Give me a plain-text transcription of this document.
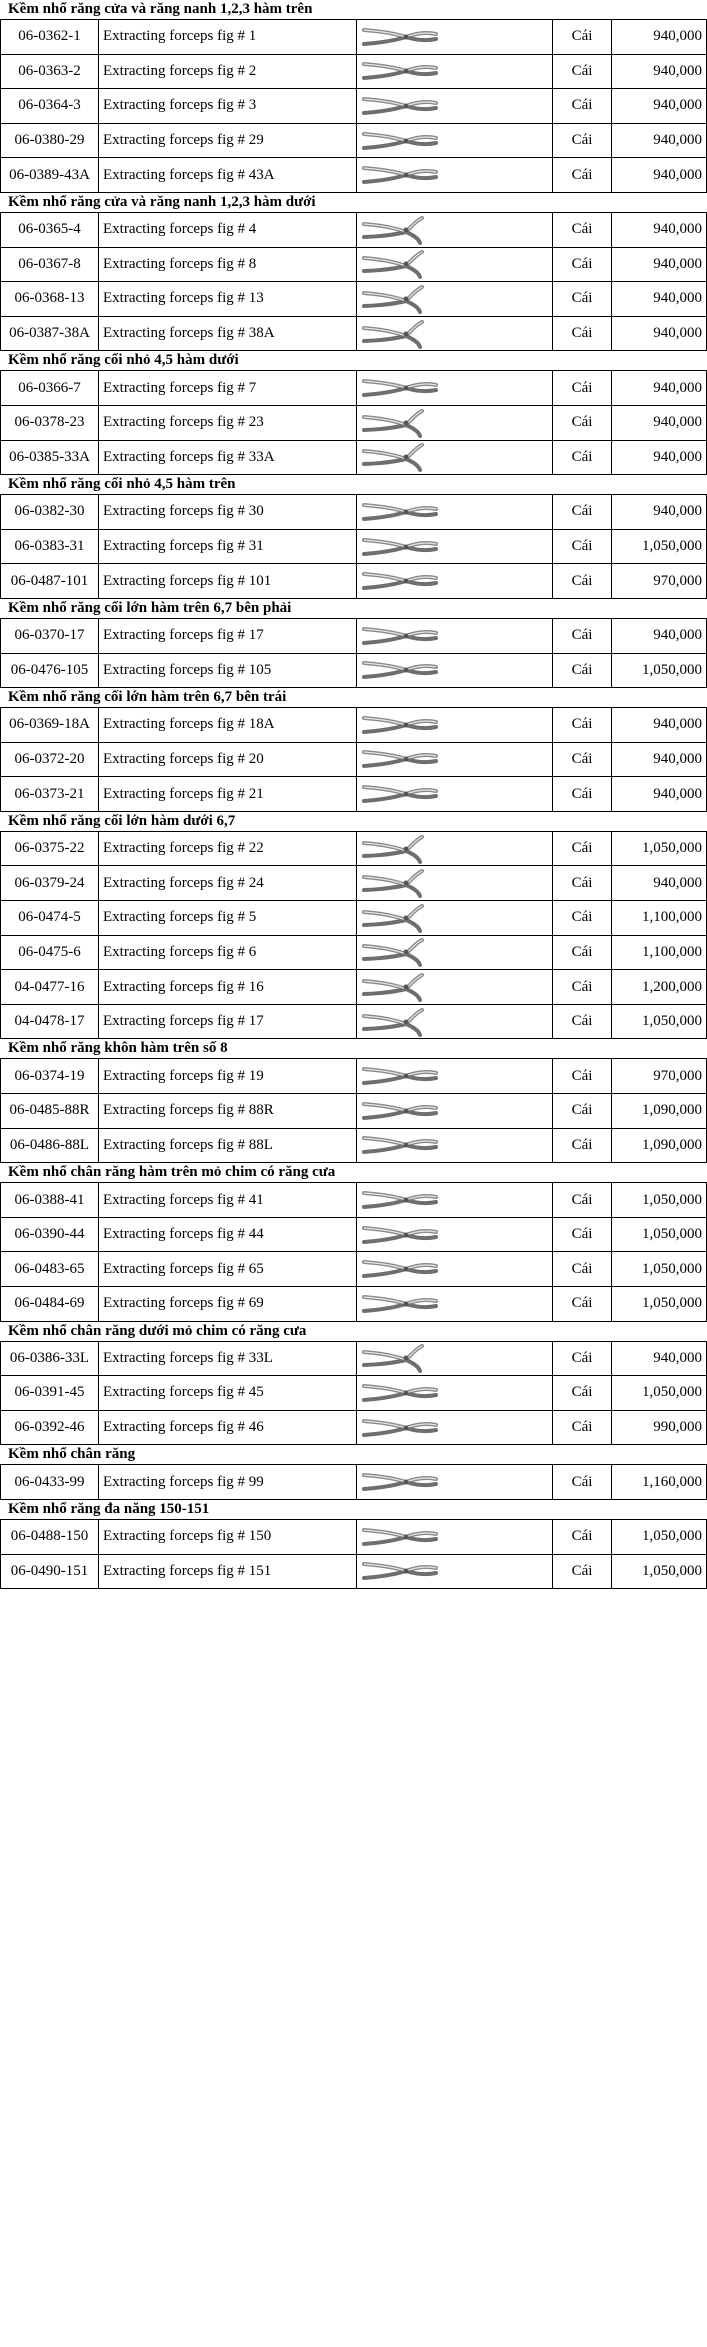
Kềm nhổ răng cửa và răng nanh 1,2,3 hàm trên
06-0362-1	Extracting forceps fig # 1		Cái	940,000
06-0363-2	Extracting forceps fig # 2		Cái	940,000
06-0364-3	Extracting forceps fig # 3		Cái	940,000
06-0380-29	Extracting forceps fig # 29		Cái	940,000
06-0389-43A	Extracting forceps fig # 43A		Cái	940,000
Kềm nhổ răng cửa và răng nanh 1,2,3 hàm dưới
06-0365-4	Extracting forceps fig # 4		Cái	940,000
06-0367-8	Extracting forceps fig # 8		Cái	940,000
06-0368-13	Extracting forceps fig # 13		Cái	940,000
06-0387-38A	Extracting forceps fig # 38A		Cái	940,000
Kềm nhổ răng cối nhỏ 4,5 hàm dưới
06-0366-7	Extracting forceps fig # 7		Cái	940,000
06-0378-23	Extracting forceps fig # 23		Cái	940,000
06-0385-33A	Extracting forceps fig # 33A		Cái	940,000
Kềm nhổ răng cối nhỏ 4,5 hàm trên
06-0382-30	Extracting forceps fig # 30		Cái	940,000
06-0383-31	Extracting forceps fig # 31		Cái	1,050,000
06-0487-101	Extracting forceps fig # 101		Cái	970,000
Kềm nhổ răng cối lớn hàm trên 6,7 bên phải
06-0370-17	Extracting forceps fig # 17		Cái	940,000
06-0476-105	Extracting forceps fig # 105		Cái	1,050,000
Kềm nhổ răng cối lớn hàm trên 6,7 bên trái
06-0369-18A	Extracting forceps fig # 18A		Cái	940,000
06-0372-20	Extracting forceps fig # 20		Cái	940,000
06-0373-21	Extracting forceps fig # 21		Cái	940,000
Kềm nhổ răng cối lớn hàm dưới 6,7
06-0375-22	Extracting forceps fig # 22		Cái	1,050,000
06-0379-24	Extracting forceps fig # 24		Cái	940,000
06-0474-5	Extracting forceps fig # 5		Cái	1,100,000
06-0475-6	Extracting forceps fig # 6		Cái	1,100,000
04-0477-16	Extracting forceps fig # 16		Cái	1,200,000
04-0478-17	Extracting forceps fig # 17		Cái	1,050,000
Kềm nhổ răng khôn hàm trên số 8
06-0374-19	Extracting forceps fig # 19		Cái	970,000
06-0485-88R	Extracting forceps fig # 88R		Cái	1,090,000
06-0486-88L	Extracting forceps fig # 88L		Cái	1,090,000
Kềm nhổ chân răng hàm trên mỏ chim có răng cưa
06-0388-41	Extracting forceps fig # 41		Cái	1,050,000
06-0390-44	Extracting forceps fig # 44		Cái	1,050,000
06-0483-65	Extracting forceps fig # 65		Cái	1,050,000
06-0484-69	Extracting forceps fig # 69		Cái	1,050,000
Kềm nhổ chân răng dưới mỏ chim có răng cưa
06-0386-33L	Extracting forceps fig # 33L		Cái	940,000
06-0391-45	Extracting forceps fig # 45		Cái	1,050,000
06-0392-46	Extracting forceps fig # 46		Cái	990,000
Kềm nhổ chân răng
06-0433-99	Extracting forceps fig # 99		Cái	1,160,000
Kềm nhổ răng đa năng 150-151
06-0488-150	Extracting forceps fig # 150		Cái	1,050,000
06-0490-151	Extracting forceps fig # 151		Cái	1,050,000
